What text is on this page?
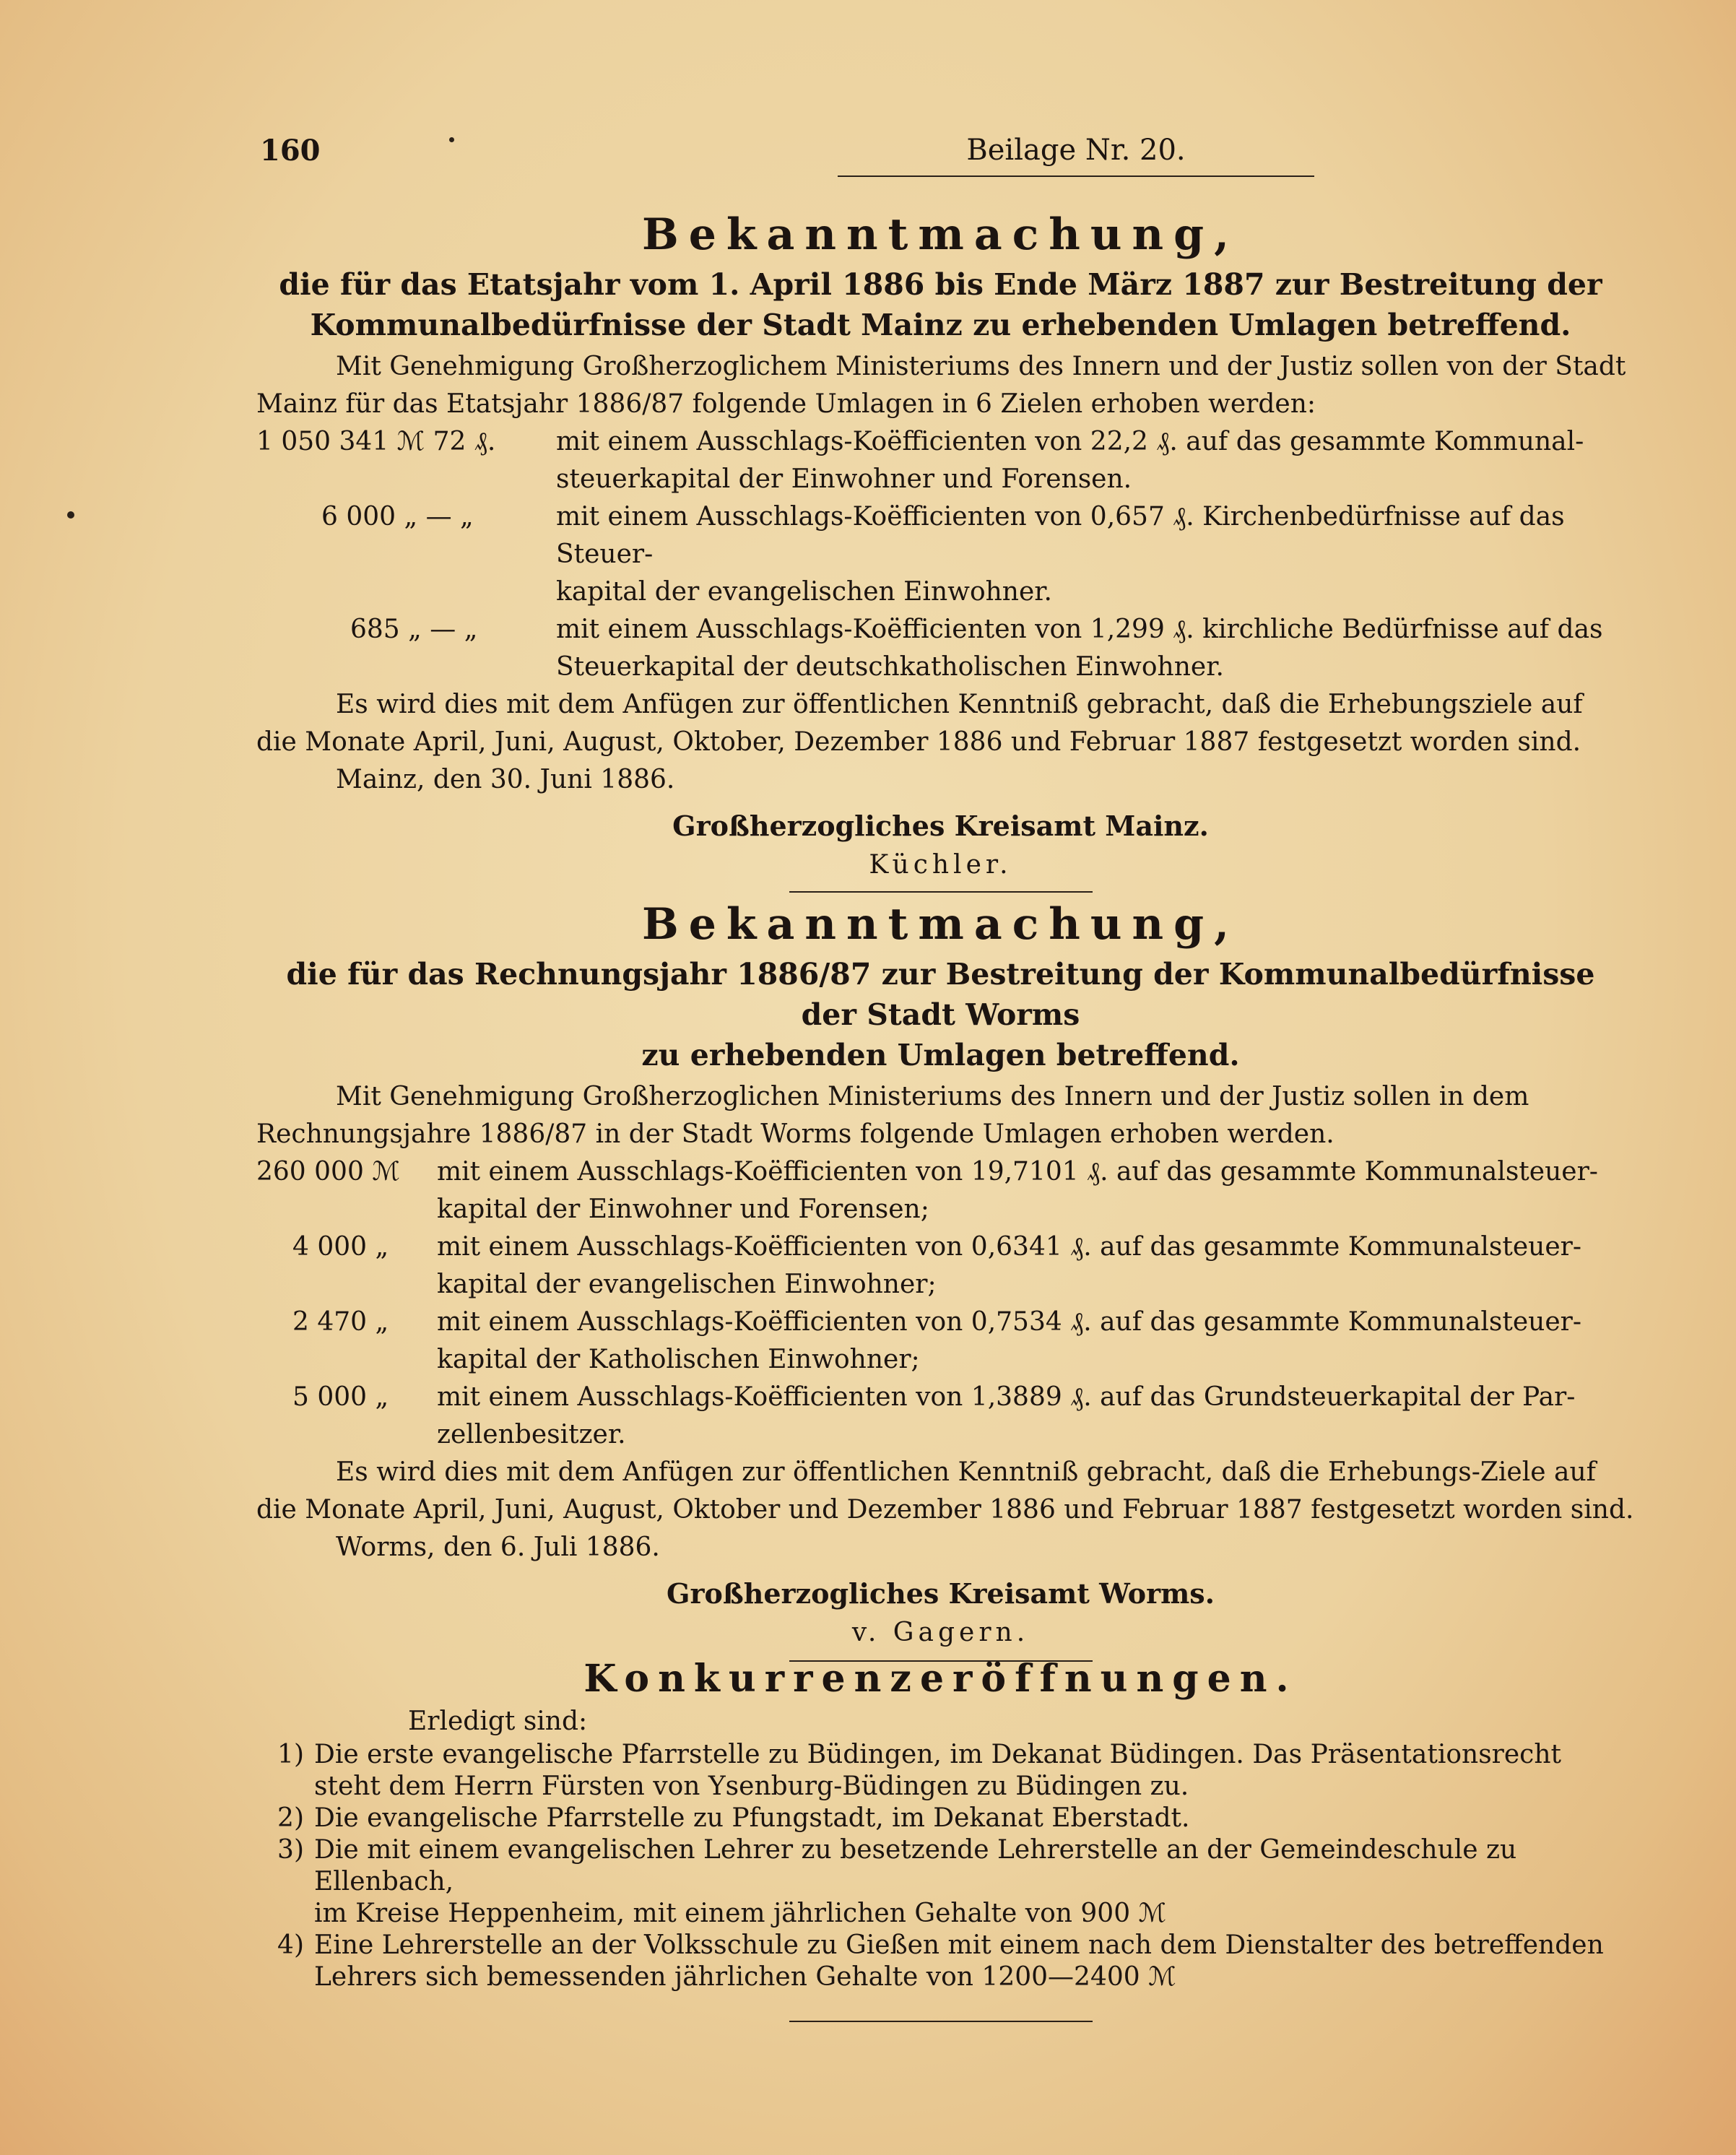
160	Beilage Nr. 20.

Bekanntmachung,

die für das Etatsjahr vom 1. April 1886 bis Ende März 1887 zur Bestreitung der

Kommunalbedürfnisse der Stadt Mainz zu erhebenden Umlagen betreffend.

Mit Genehmigung Großherzoglichem Ministeriums des Innern und der Justiz sollen von der Stadt

Mainz für das Etatsjahr 1886/87 folgende Umlagen in 6 Zielen erhoben werden:

1 050 341 ℳ 72 ₰.	mit einem Ausschlags-Koëfficienten von 22,2 ₰. auf das gesammte Kommunal-
steuerkapital der Einwohner und Forensen.
6 000 „ — „	mit einem Ausschlags-Koëfficienten von 0,657 ₰. Kirchenbedürfnisse auf das Steuer-
kapital der evangelischen Einwohner.
685 „ — „	mit einem Ausschlags-Koëfficienten von 1,299 ₰. kirchliche Bedürfnisse auf das
Steuerkapital der deutschkatholischen Einwohner.

Es wird dies mit dem Anfügen zur öffentlichen Kenntniß gebracht, daß die Erhebungsziele auf

die Monate April, Juni, August, Oktober, Dezember 1886 und Februar 1887 festgesetzt worden sind.

Mainz, den 30. Juni 1886.

Großherzogliches Kreisamt Mainz.

Küchler.

Bekanntmachung,

die für das Rechnungsjahr 1886/87 zur Bestreitung der Kommunalbedürfnisse der Stadt Worms

zu erhebenden Umlagen betreffend.

Mit Genehmigung Großherzoglichen Ministeriums des Innern und der Justiz sollen in dem

Rechnungsjahre 1886/87 in der Stadt Worms folgende Umlagen erhoben werden.

260 000 ℳ	mit einem Ausschlags-Koëfficienten von 19,7101 ₰. auf das gesammte Kommunalsteuer-
kapital der Einwohner und Forensen;
4 000 „	mit einem Ausschlags-Koëfficienten von 0,6341 ₰. auf das gesammte Kommunalsteuer-
kapital der evangelischen Einwohner;
2 470 „	mit einem Ausschlags-Koëfficienten von 0,7534 ₰. auf das gesammte Kommunalsteuer-
kapital der Katholischen Einwohner;
5 000 „	mit einem Ausschlags-Koëfficienten von 1,3889 ₰. auf das Grundsteuerkapital der Par-
zellenbesitzer.

Es wird dies mit dem Anfügen zur öffentlichen Kenntniß gebracht, daß die Erhebungs-Ziele auf

die Monate April, Juni, August, Oktober und Dezember 1886 und Februar 1887 festgesetzt worden sind.

Worms, den 6. Juli 1886.

Großherzogliches Kreisamt Worms.

v. Gagern.

Konkurrenzeröffnungen.

Erledigt sind:

1) Die erste evangelische Pfarrstelle zu Büdingen, im Dekanat Büdingen. Das Präsentationsrecht
steht dem Herrn Fürsten von Ysenburg-Büdingen zu Büdingen zu.
2) Die evangelische Pfarrstelle zu Pfungstadt, im Dekanat Eberstadt.
3) Die mit einem evangelischen Lehrer zu besetzende Lehrerstelle an der Gemeindeschule zu Ellenbach,
im Kreise Heppenheim, mit einem jährlichen Gehalte von 900 ℳ
4) Eine Lehrerstelle an der Volksschule zu Gießen mit einem nach dem Dienstalter des betreffenden
Lehrers sich bemessenden jährlichen Gehalte von 1200—2400 ℳ
